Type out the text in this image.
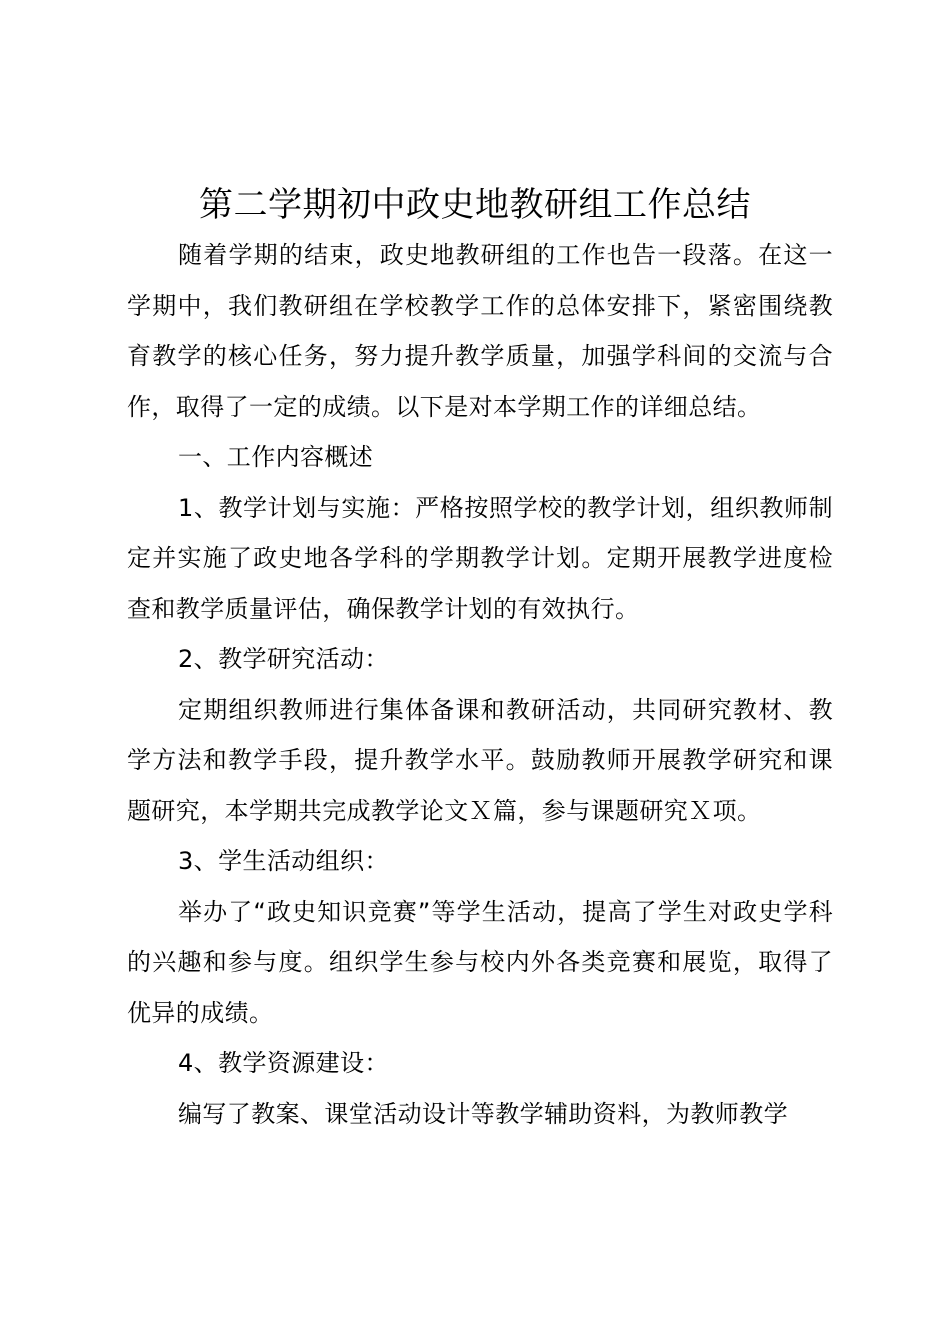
第二学期初中政史地教研组工作总结

随着学期的结束，政史地教研组的工作也告一段落。在这一学期中，我们教研组在学校教学工作的总体安排下，紧密围绕教育教学的核心任务，努力提升教学质量，加强学科间的交流与合作，取得了一定的成绩。以下是对本学期工作的详细总结。

一、工作内容概述

1、教学计划与实施：严格按照学校的教学计划，组织教师制定并实施了政史地各学科的学期教学计划。定期开展教学进度检查和教学质量评估，确保教学计划的有效执行。

2、教学研究活动：

定期组织教师进行集体备课和教研活动，共同研究教材、教学方法和教学手段，提升教学水平。鼓励教师开展教学研究和课题研究，本学期共完成教学论文Ｘ篇，参与课题研究Ｘ项。

3、学生活动组织：

举办了“政史知识竞赛”等学生活动，提高了学生对政史学科的兴趣和参与度。组织学生参与校内外各类竞赛和展览，取得了优异的成绩。

4、教学资源建设：

编写了教案、课堂活动设计等教学辅助资料，为教师教学
